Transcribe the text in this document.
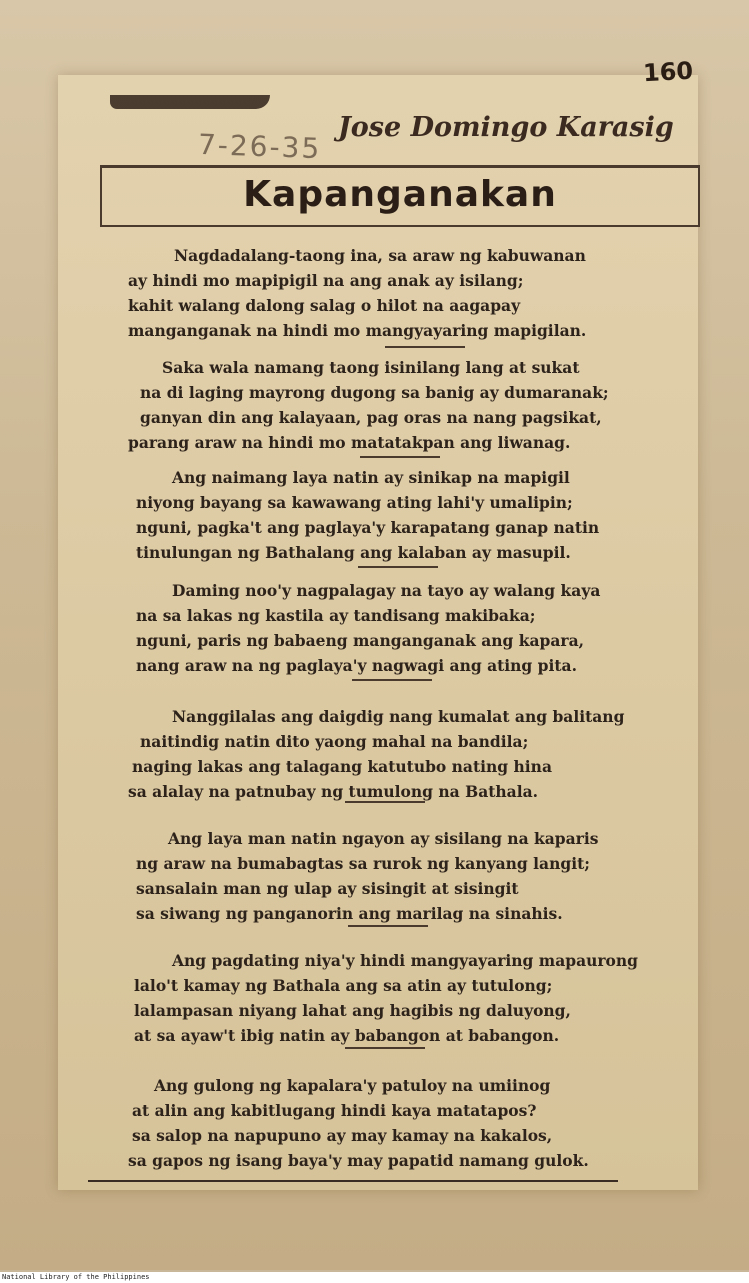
160
7-26-35
Jose Domingo Karasig
Kapanganakan
Nagdadalang-taong ina, sa araw ng kabuwanan
ay hindi mo mapipigil na ang anak ay isilang;
kahit walang dalong salag o hilot na aagapay
manganganak na hindi mo mangyayaring mapigilan.
Saka wala namang taong isinilang lang at sukat
na di laging mayrong dugong sa banig ay dumaranak;
ganyan din ang kalayaan, pag oras na nang pagsikat,
parang araw na hindi mo matatakpan ang liwanag.
Ang naimang laya natin ay sinikap na mapigil
niyong bayang sa kawawang ating lahi'y umalipin;
nguni, pagka't ang paglaya'y karapatang ganap natin
tinulungan ng Bathalang ang kalaban ay masupil.
Daming noo'y nagpalagay na tayo ay walang kaya
na sa lakas ng kastila ay tandisang makibaka;
nguni, paris ng babaeng manganganak ang kapara,
nang araw na ng paglaya'y nagwagi ang ating pita.
Nanggilalas ang daigdig nang kumalat ang balitang
naitindig natin dito yaong mahal na bandila;
naging lakas ang talagang katutubo nating hina
sa alalay na patnubay ng tumulong na Bathala.
Ang laya man natin ngayon ay sisilang na kaparis
ng araw na bumabagtas sa rurok ng kanyang langit;
sansalain man ng ulap ay sisingit at sisingit
sa siwang ng panganorin ang marilag na sinahis.
Ang pagdating niya'y hindi mangyayaring mapaurong
lalo't kamay ng Bathala ang sa atin ay tutulong;
lalampasan niyang lahat ang hagibis ng daluyong,
at sa ayaw't ibig natin ay babangon at babangon.
Ang gulong ng kapalara'y patuloy na umiinog
at alin ang kabitlugang hindi kaya matatapos?
sa salop na napupuno ay may kamay na kakalos,
sa gapos ng isang baya'y may papatid namang gulok.
National Library of the Philippines
